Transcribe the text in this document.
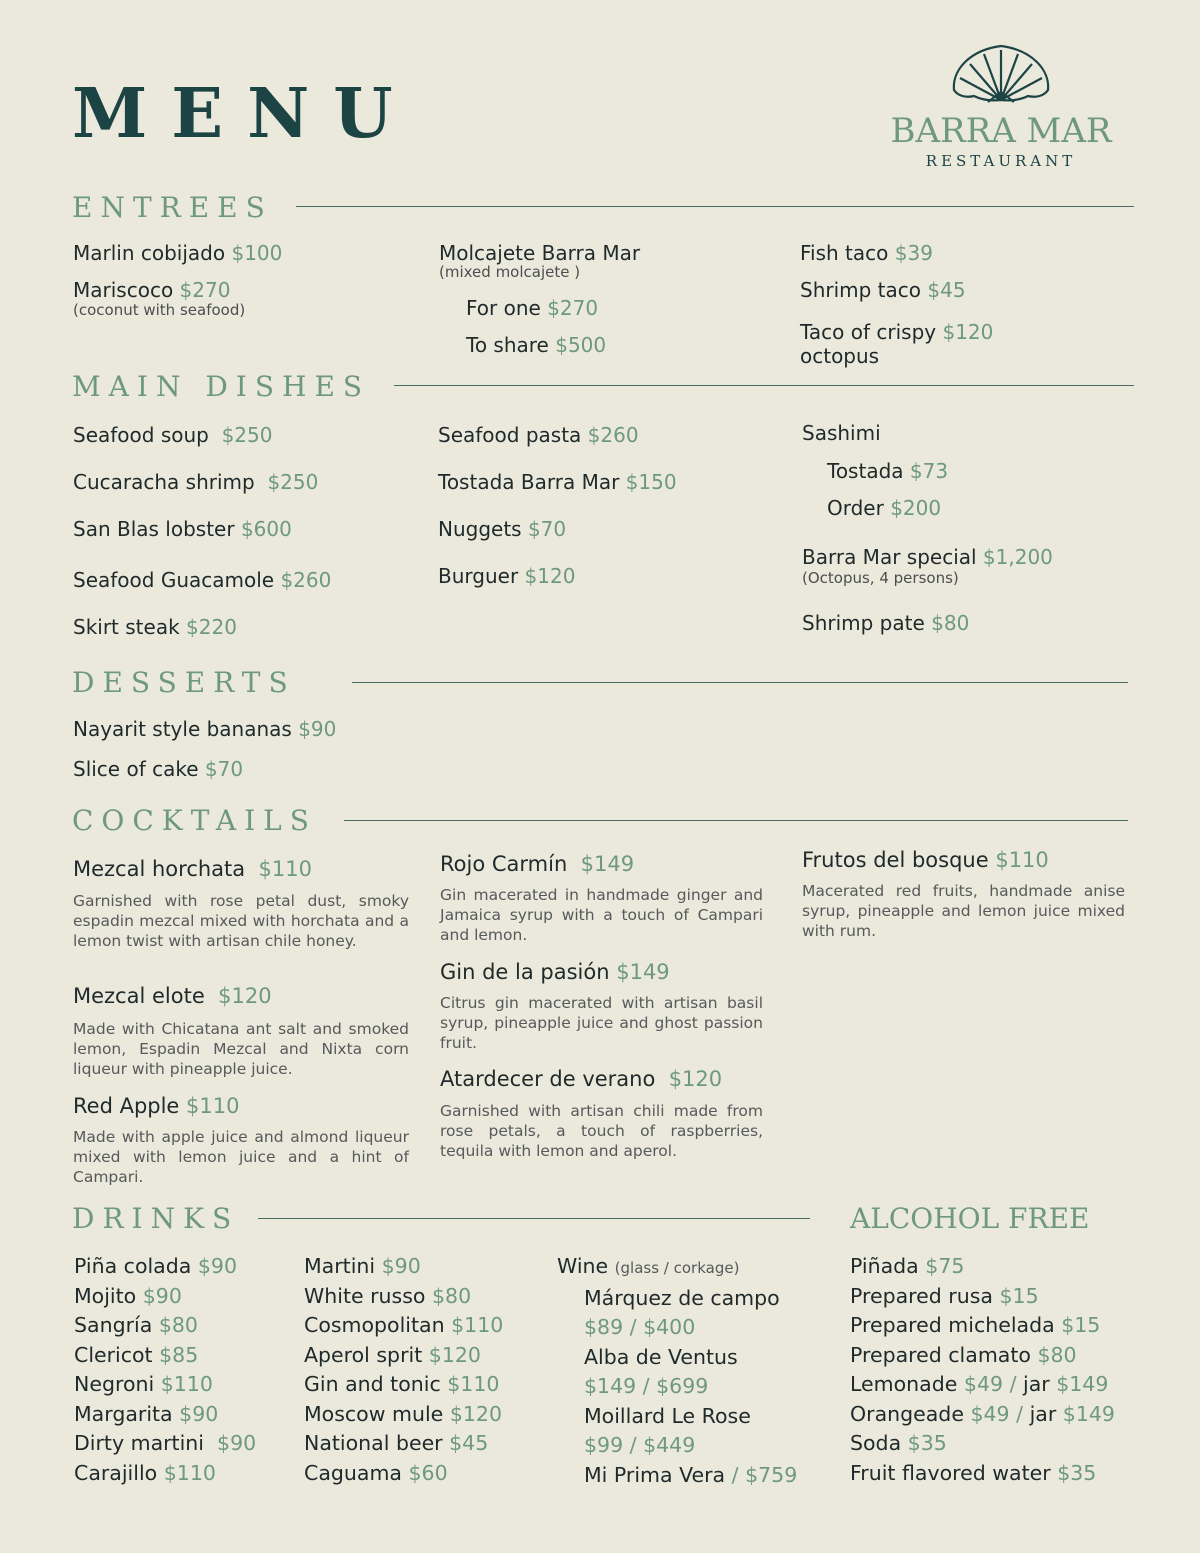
MENU	BARRA MAR
RESTAURANT
ENTREES
Marlin cobijado $100
Mariscoco $270
(coconut with seafood)
Molcajete Barra Mar
(mixed molcajete )
For one $270
To share $500
Fish taco $39
Shrimp taco $45
Taco of crispy $120
octopus
MAIN DISHES
Seafood soup $250
Cucaracha shrimp $250
San Blas lobster $600
Seafood Guacamole $260
Skirt steak $220
Seafood pasta $260
Tostada Barra Mar $150
Nuggets $70
Burguer $120
Sashimi
Tostada $73
Order $200
Barra Mar special $1,200
(Octopus, 4 persons)
Shrimp pate $80
DESSERTS
Nayarit style bananas $90
Slice of cake $70
COCKTAILS
Mezcal horchata $110
Garnished with rose petal dust, smoky espadin mezcal mixed with horchata and a lemon twist with artisan chile honey.
Mezcal elote $120
Made with Chicatana ant salt and smoked lemon, Espadin Mezcal and Nixta corn liqueur with pineapple juice.
Red Apple $110
Made with apple juice and almond liqueur mixed with lemon juice and a hint of Campari.
Rojo Carmín $149
Gin macerated in handmade ginger and Jamaica syrup with a touch of Campari and lemon.
Gin de la pasión $149
Citrus gin macerated with artisan basil syrup, pineapple juice and ghost passion fruit.
Atardecer de verano $120
Garnished with artisan chili made from rose petals, a touch of raspberries, tequila with lemon and aperol.
Frutos del bosque $110
Macerated red fruits, handmade anise syrup, pineapple and lemon juice mixed with rum.
DRINKS	ALCOHOL FREE
Piña colada $90
Mojito $90
Sangría $80
Clericot $85
Negroni $110
Margarita $90
Dirty martini $90
Carajillo $110
Martini $90
White russo $80
Cosmopolitan $110
Aperol sprit $120
Gin and tonic $110
Moscow mule $120
National beer $45
Caguama $60
Wine (glass / corkage)
Márquez de campo
$89 / $400
Alba de Ventus
$149 / $699
Moillard Le Rose
$99 / $449
Mi Prima Vera / $759
Piñada $75
Prepared rusa $15
Prepared michelada $15
Prepared clamato $80
Lemonade $49 / jar $149
Orangeade $49 / jar $149
Soda $35
Fruit flavored water $35
